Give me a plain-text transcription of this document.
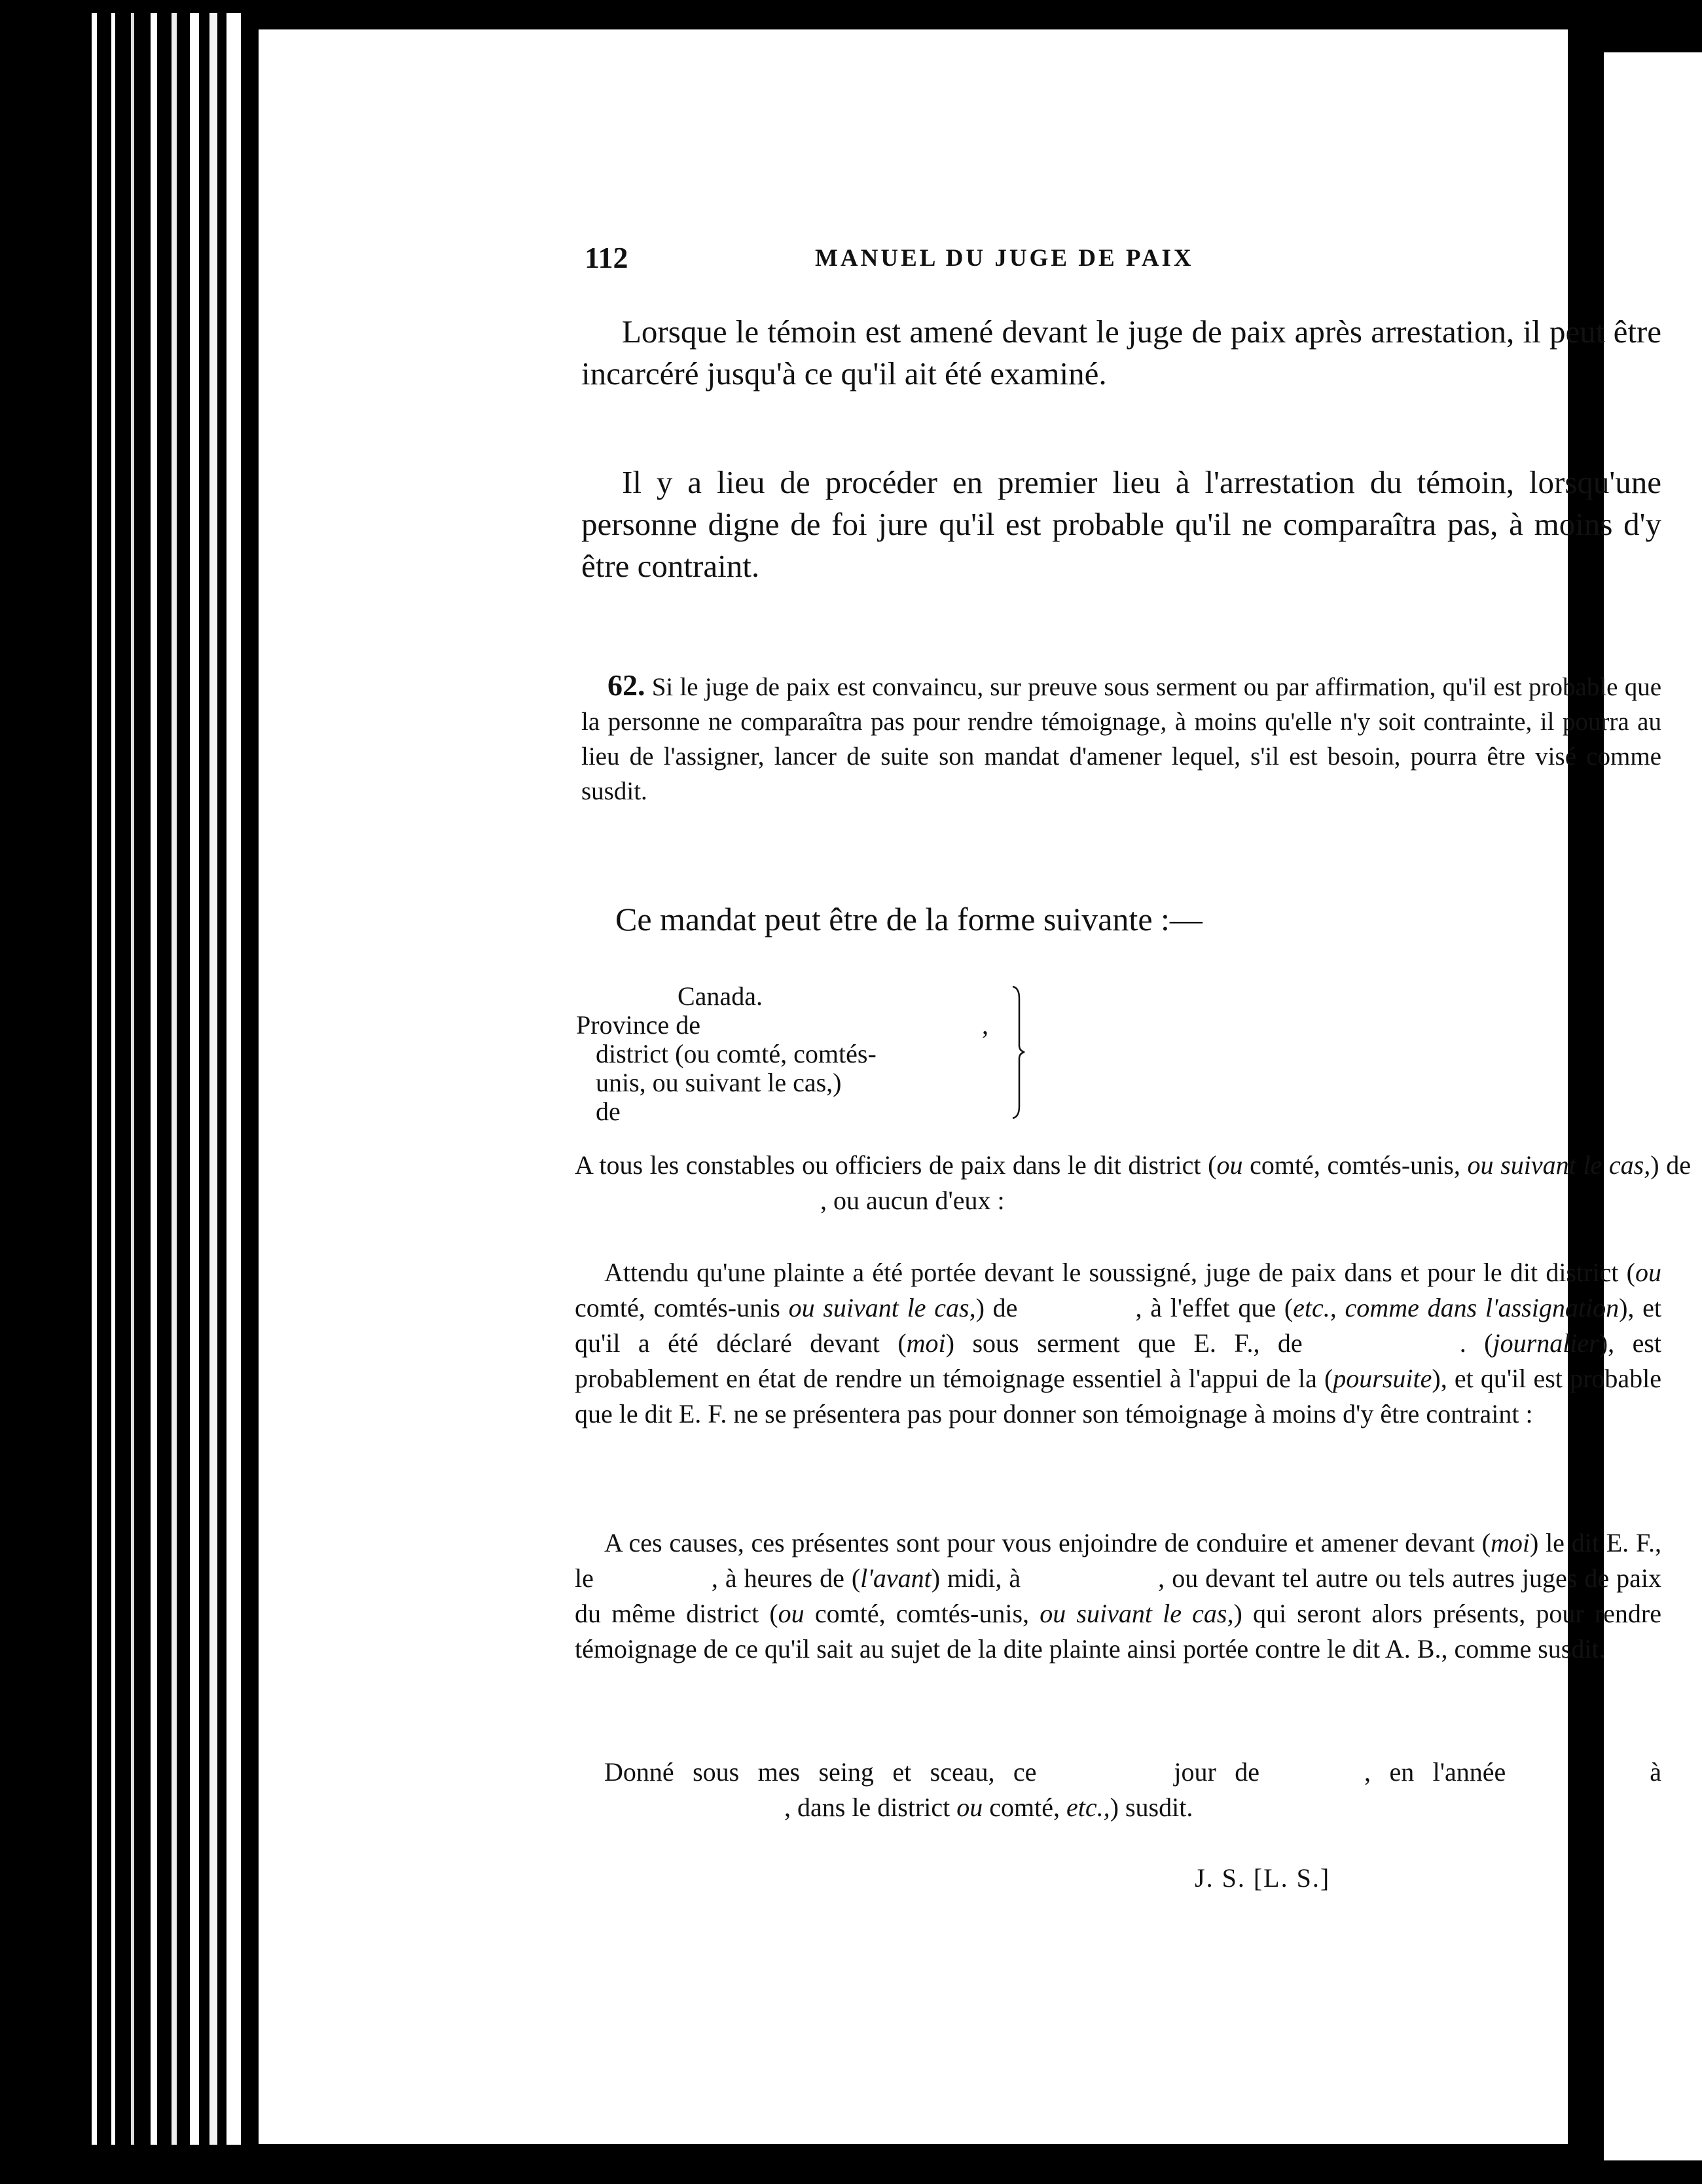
112	MANUEL DU JUGE DE PAIX
Lorsque le témoin est amené devant le juge de paix après arrestation, il peut être incarcéré jusqu'à ce qu'il ait été examiné.
Il y a lieu de procéder en premier lieu à l'arrestation du témoin, lorsqu'une personne digne de foi jure qu'il est probable qu'il ne comparaîtra pas, à moins d'y être contraint.
62. Si le juge de paix est convaincu, sur preuve sous serment ou par affirmation, qu'il est probable que la personne ne comparaîtra pas pour rendre témoignage, à moins qu'elle n'y soit contrainte, il pourra au lieu de l'assigner, lancer de suite son mandat d'amener lequel, s'il est besoin, pourra être visé comme susdit.
Ce mandat peut être de la forme suivante :—
Canada.
Province de	,
district (ou comté, comtés-
unis, ou suivant le cas,)
de
A tous les constables ou officiers de paix dans le dit district (ou comté, comtés-unis, ou suivant le cas,) de, ou aucun d'eux :
Attendu qu'une plainte a été portée devant le soussigné, juge de paix dans et pour le dit district (ou comté, comtés-unis ou suivant le cas,) de	, à l'effet que (etc., comme dans l'assignation), et qu'il a été déclaré devant (moi) sous serment que E. F., de	. (journalier), est probablement en état de rendre un témoignage essentiel à l'appui de la (poursuite), et qu'il est probable que le dit E. F. ne se présentera pas pour donner son témoignage à moins d'y être contraint :
A ces causes, ces présentes sont pour vous enjoindre de conduire et amener devant (moi) le dit E. F., le	, à heures de (l'avant) midi, à	, ou devant tel autre ou tels autres juges de paix du même district (ou comté, comtés-unis, ou suivant le cas,) qui seront alors présents, pour rendre témoignage de ce qu'il sait au sujet de la dite plainte ainsi portée contre le dit A. B., comme susdit.
Donné sous mes seing et sceau, ce	jour de	, en l'année	à, dans le district ou comté, etc.,) susdit.
J. S. [L. S.]
